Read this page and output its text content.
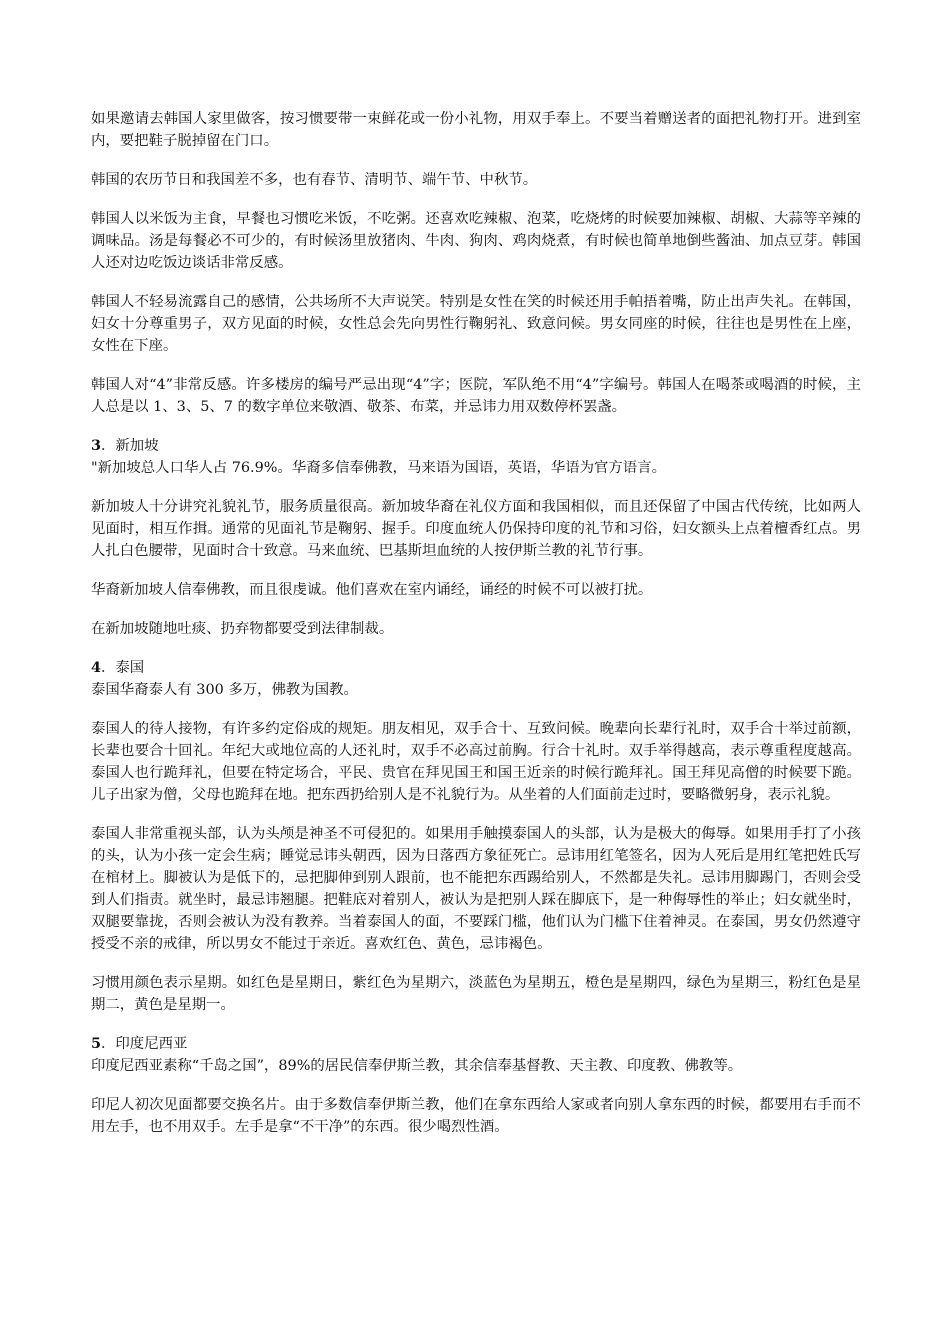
如果邀请去韩国人家里做客，按习惯要带一束鲜花或一份小礼物，用双手奉上。不要当着赠送者的面把礼物打开。进到室内，要把鞋子脱掉留在门口。

韩国的农历节日和我国差不多，也有春节、清明节、端午节、中秋节。

韩国人以米饭为主食，早餐也习惯吃米饭，不吃粥。还喜欢吃辣椒、泡菜，吃烧烤的时候要加辣椒、胡椒、大蒜等辛辣的调味品。汤是每餐必不可少的，有时候汤里放猪肉、牛肉、狗肉、鸡肉烧煮，有时候也简单地倒些酱油、加点豆芽。韩国人还对边吃饭边谈话非常反感。

韩国人不轻易流露自己的感情，公共场所不大声说笑。特别是女性在笑的时候还用手帕捂着嘴，防止出声失礼。在韩国，妇女十分尊重男子，双方见面的时候，女性总会先向男性行鞠躬礼、致意问候。男女同座的时候，往往也是男性在上座，女性在下座。

韩国人对“4”非常反感。许多楼房的编号严忌出现“4”字；医院，军队绝不用“4”字编号。韩国人在喝茶或喝酒的时候，主人总是以 1、3、5、7 的数字单位来敬酒、敬茶、布菜，并忌讳力用双数停杯罢盏。

3．新加坡

"新加坡总人口华人占 76.9%。华裔多信奉佛教，马来语为国语，英语，华语为官方语言。

新加坡人十分讲究礼貌礼节，服务质量很高。新加坡华裔在礼仪方面和我国相似，而且还保留了中国古代传统，比如两人见面时，相互作揖。通常的见面礼节是鞠躬、握手。印度血统人仍保持印度的礼节和习俗，妇女额头上点着檀香红点。男人扎白色腰带，见面时合十致意。马来血统、巴基斯坦血统的人按伊斯兰教的礼节行事。

华裔新加坡人信奉佛教，而且很虔诚。他们喜欢在室内诵经，诵经的时候不可以被打扰。

在新加坡随地吐痰、扔弃物都要受到法律制裁。

4．泰国

泰国华裔泰人有 300 多万，佛教为国教。

泰国人的待人接物，有许多约定俗成的规矩。朋友相见，双手合十、互致问候。晚辈向长辈行礼时，双手合十举过前额，长辈也要合十回礼。年纪大或地位高的人还礼时，双手不必高过前胸。行合十礼时。双手举得越高，表示尊重程度越高。泰国人也行跪拜礼，但要在特定场合，平民、贵官在拜见国王和国王近亲的时候行跪拜礼。国王拜见高僧的时候要下跪。儿子出家为僧，父母也跪拜在地。把东西扔给别人是不礼貌行为。从坐着的人们面前走过时，要略微躬身，表示礼貌。

泰国人非常重视头部，认为头颅是神圣不可侵犯的。如果用手触摸泰国人的头部，认为是极大的侮辱。如果用手打了小孩的头，认为小孩一定会生病；睡觉忌讳头朝西，因为日落西方象征死亡。忌讳用红笔签名，因为人死后是用红笔把姓氏写在棺材上。脚被认为是低下的，忌把脚伸到别人跟前，也不能把东西踢给别人，不然都是失礼。忌讳用脚踢门，否则会受到人们指责。就坐时，最忌讳翘腿。把鞋底对着别人，被认为是把别人踩在脚底下，是一种侮辱性的举止；妇女就坐时，双腿要靠拢，否则会被认为没有教养。当着泰国人的面，不要踩门槛，他们认为门槛下住着神灵。在泰国，男女仍然遵守授受不亲的戒律，所以男女不能过于亲近。喜欢红色、黄色，忌讳褐色。

习惯用颜色表示星期。如红色是星期日，紫红色为星期六，淡蓝色为星期五，橙色是星期四，绿色为星期三，粉红色是星期二，黄色是星期一。

5．印度尼西亚

印度尼西亚素称“千岛之国”，89%的居民信奉伊斯兰教，其余信奉基督教、天主教、印度教、佛教等。

印尼人初次见面都要交换名片。由于多数信奉伊斯兰教，他们在拿东西给人家或者向别人拿东西的时候，都要用右手而不用左手，也不用双手。左手是拿“不干净”的东西。很少喝烈性酒。
